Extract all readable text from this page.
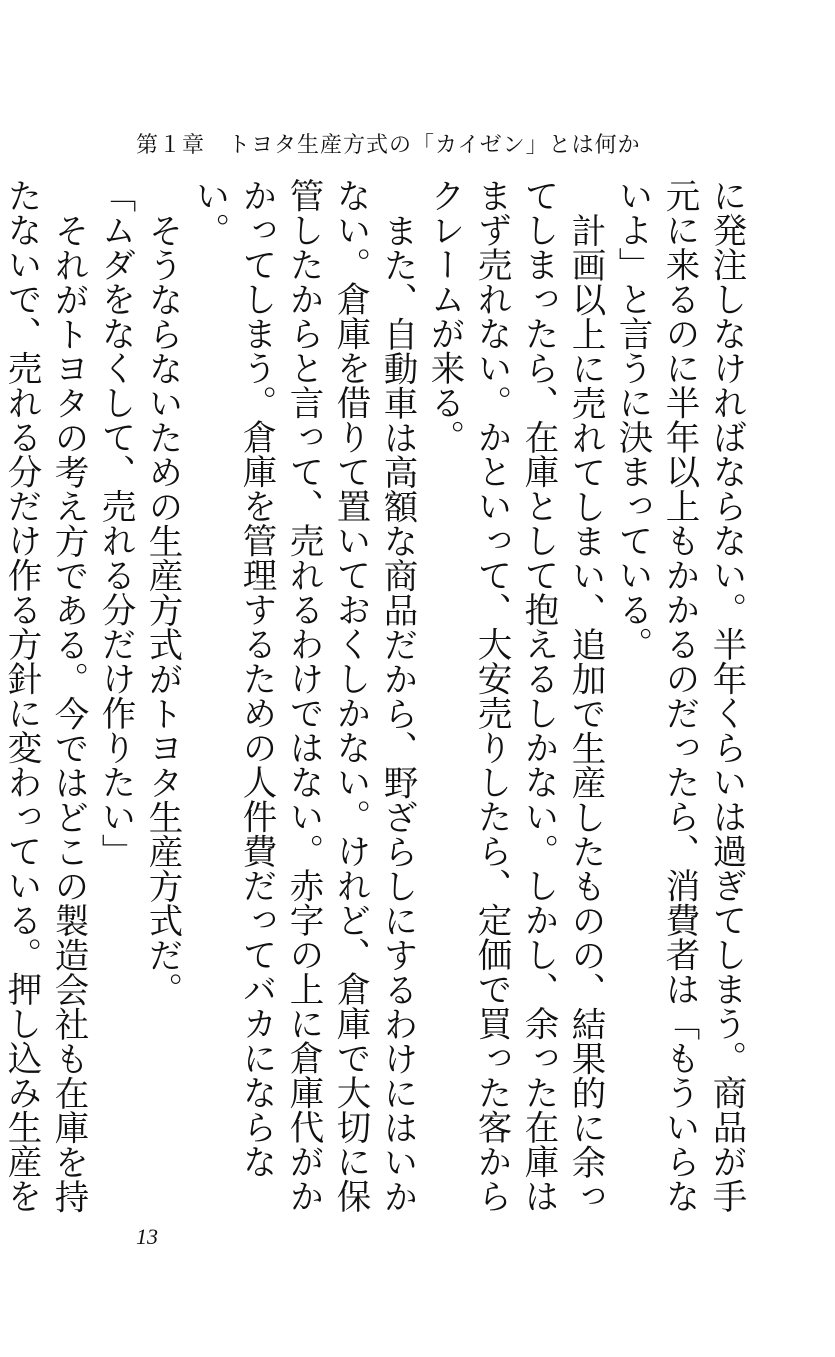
第１章　トヨタ生産方式の「カイゼン」とは何か

に発注しなければならない。半年くらいは過ぎてしまう。商品が手元に来るのに半年以上もかかるのだったら、消費者は「もういらないよ」と言うに決まっている。

計画以上に売れてしまい、追加で生産したものの、結果的に余ってしまったら、在庫として抱えるしかない。しかし、余った在庫はまず売れない。かといって、大安売りしたら、定価で買った客からクレームが来る。

また、自動車は高額な商品だから、野ざらしにするわけにはいかない。倉庫を借りて置いておくしかない。けれど、倉庫で大切に保管したからと言って、売れるわけではない。赤字の上に倉庫代がかかってしまう。倉庫を管理するための人件費だってバカにならない。

そうならないための生産方式がトヨタ生産方式だ。

「ムダをなくして、売れる分だけ作りたい」

それがトヨタの考え方である。今ではどこの製造会社も在庫を持たないで、売れる分だけ作る方針に変わっている。押し込み生産を

13
